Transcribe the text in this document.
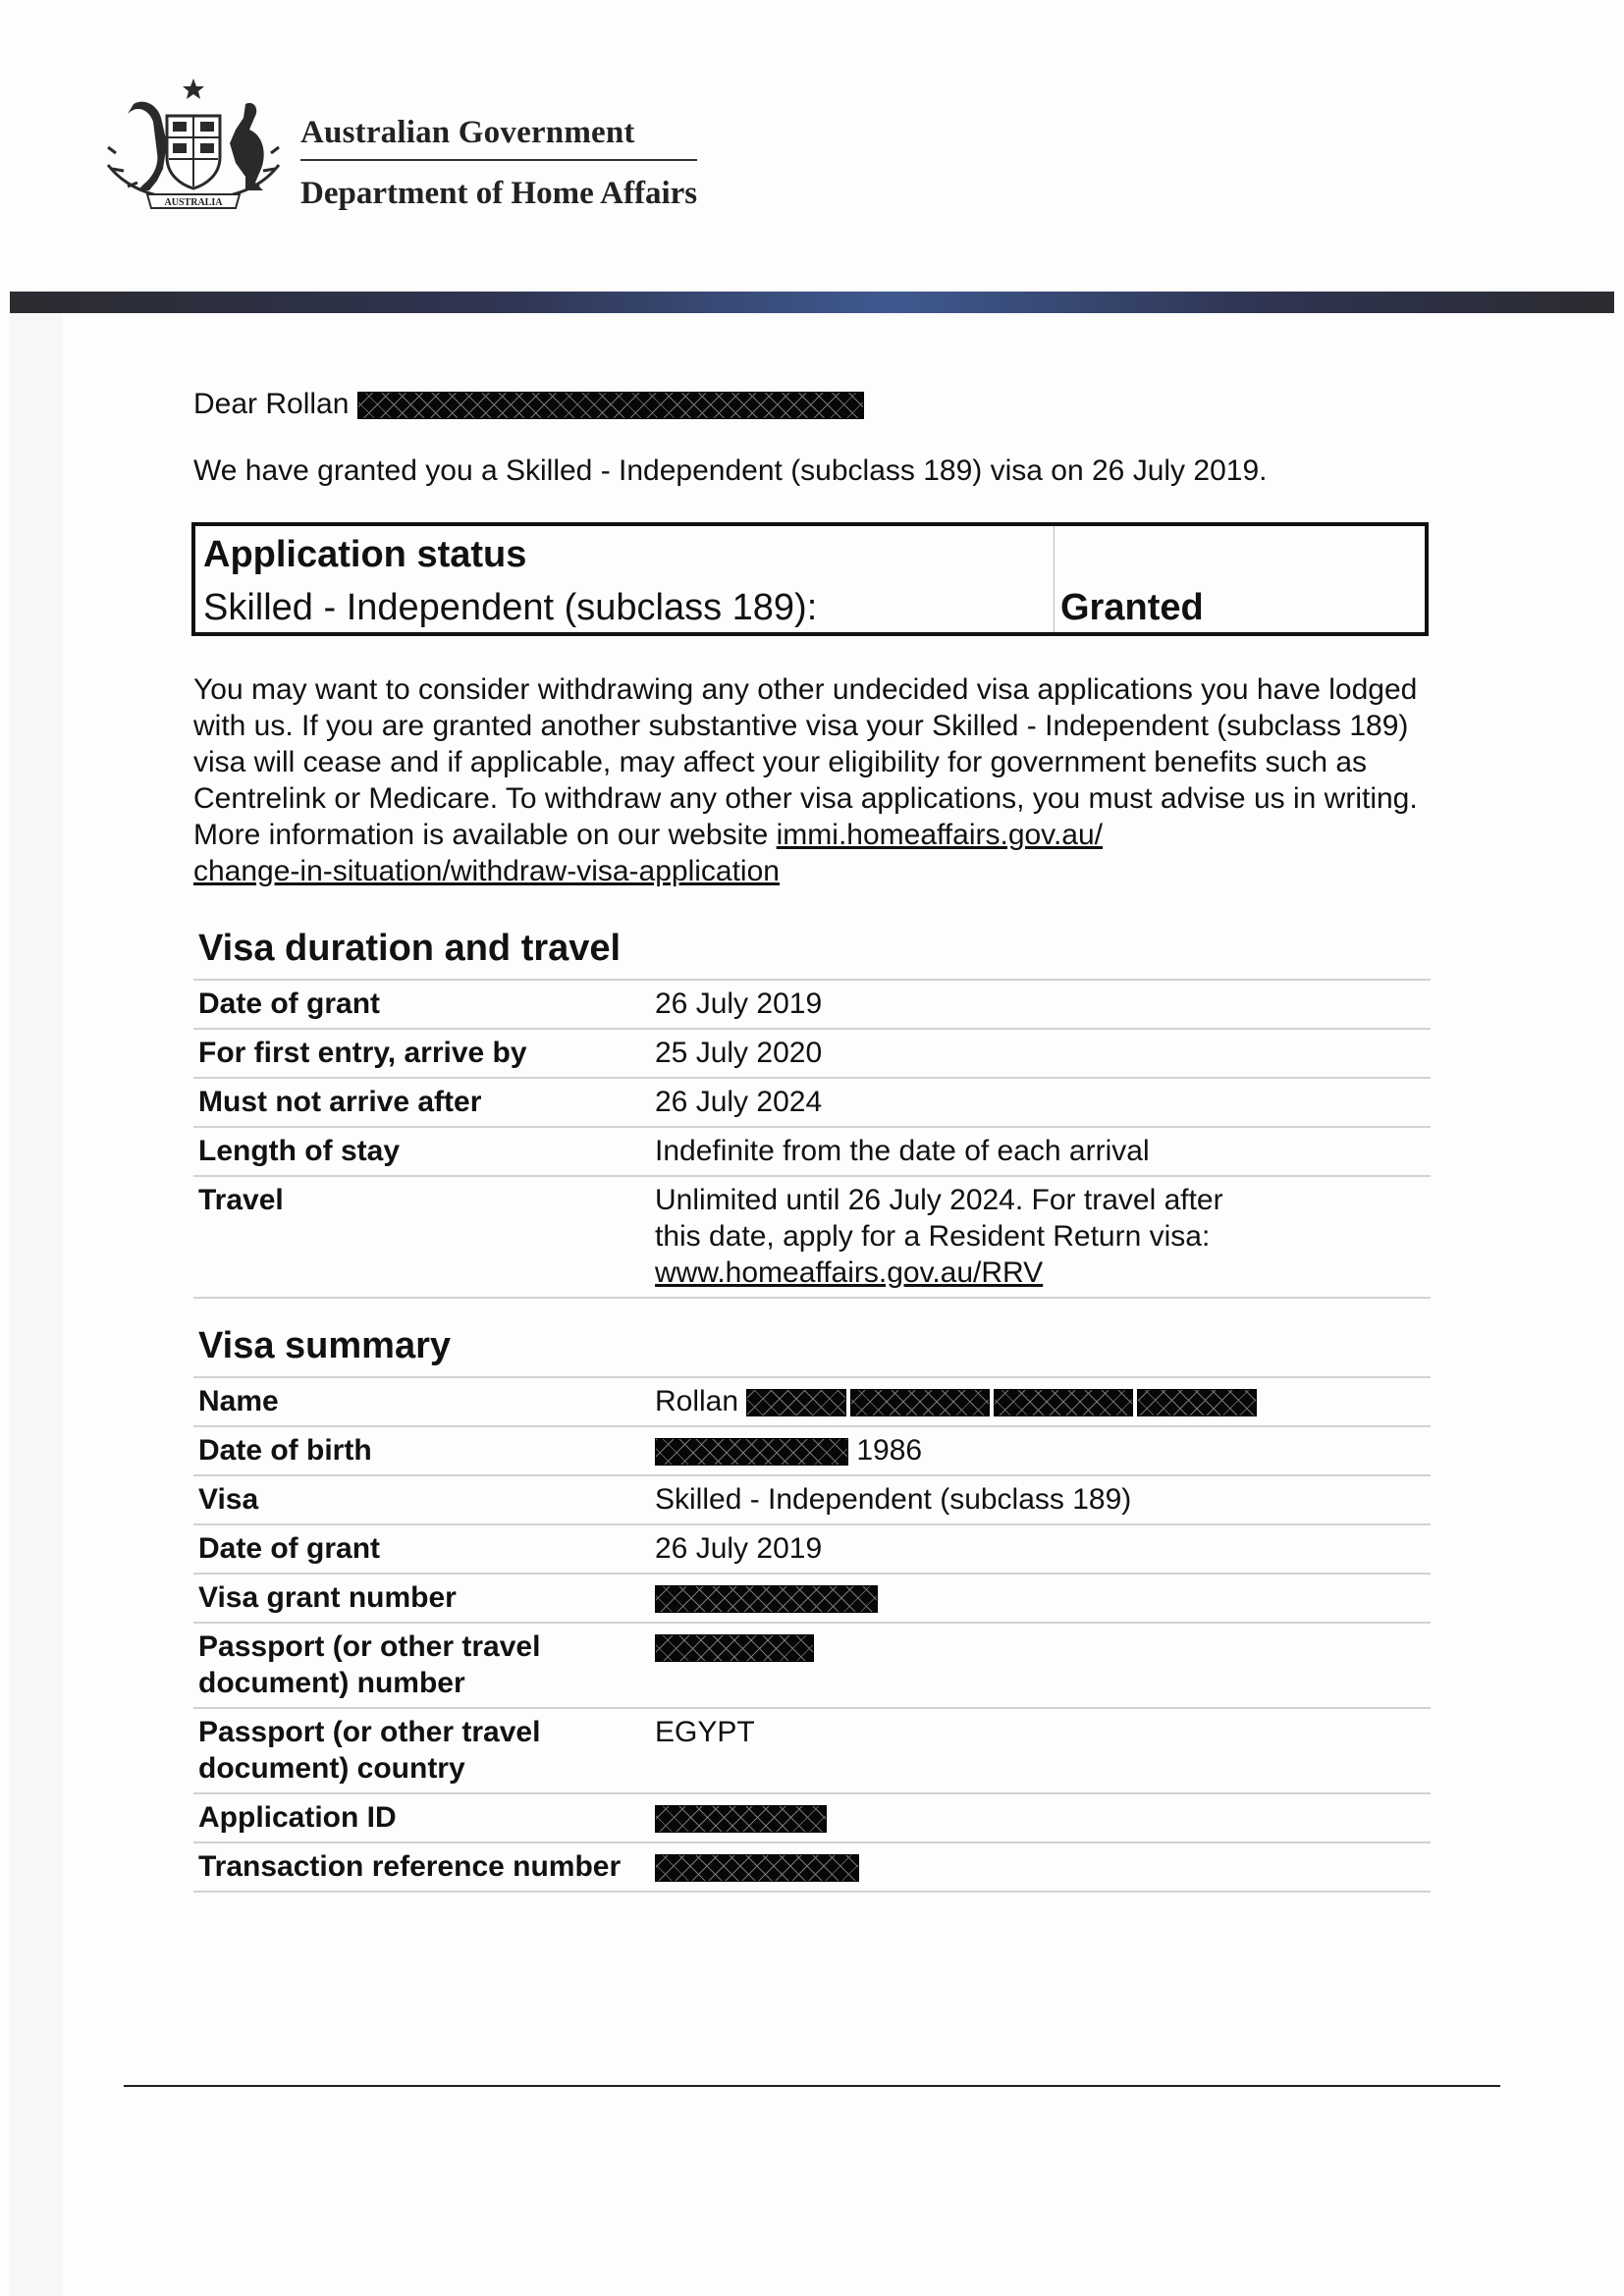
AUSTRALIA
Australian Government
Department of Home Affairs
Dear Rollan
We have granted you a Skilled - Independent (subclass 189) visa on 26 July 2019.
Application status
Skilled - Independent (subclass 189):	Granted
You may want to consider withdrawing any other undecided visa applications you have lodged with us. If you are granted another substantive visa your Skilled - Independent (subclass 189) visa will cease and if applicable, may affect your eligibility for government benefits such as Centrelink or Medicare. To withdraw any other visa applications, you must advise us in writing. More information is available on our website immi.homeaffairs.gov.au/
change-in-situation/withdraw-visa-application
Visa duration and travel
Date of grant	26 July 2019
For first entry, arrive by	25 July 2020
Must not arrive after	26 July 2024
Length of stay	Indefinite from the date of each arrival
Travel	Unlimited until 26 July 2024. For travel after
this date, apply for a Resident Return visa:
www.homeaffairs.gov.au/RRV
Visa summary
Name	Rollan
Date of birth	1986
Visa	Skilled - Independent (subclass 189)
Date of grant	26 July 2019
Visa grant number	
Passport (or other travel
document) number	
Passport (or other travel
document) country	EGYPT
Application ID	
Transaction reference number	
